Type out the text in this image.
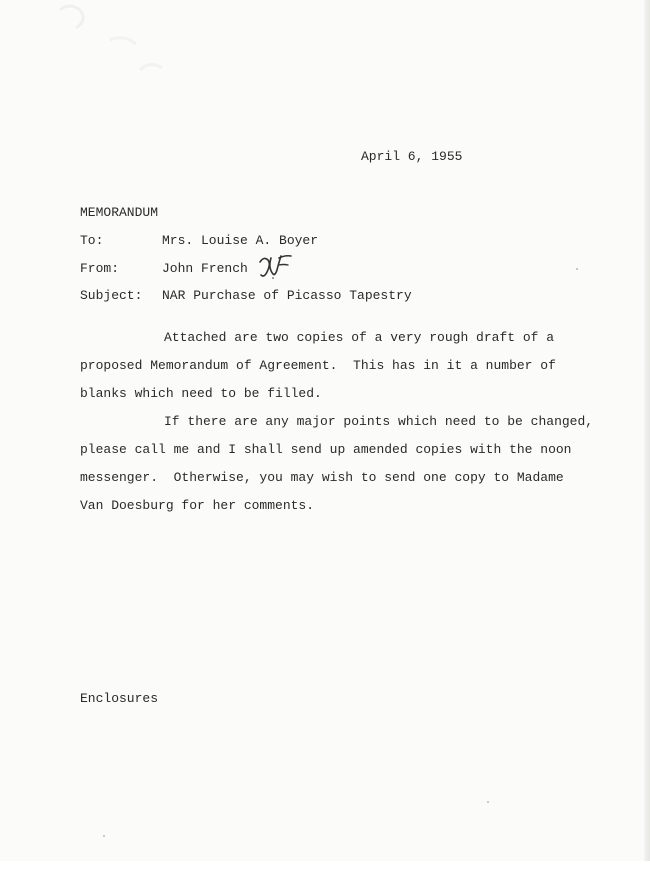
April 6, 1955
MEMORANDUM
To:	Mrs. Louise A. Boyer
From:	John French
Subject: NAR Purchase of Picasso Tapestry
Attached are two copies of a very rough draft of a
proposed Memorandum of Agreement.  This has in it a number of
blanks which need to be filled.
If there are any major points which need to be changed,
please call me and I shall send up amended copies with the noon
messenger.  Otherwise, you may wish to send one copy to Madame
Van Doesburg for her comments.
Enclosures
